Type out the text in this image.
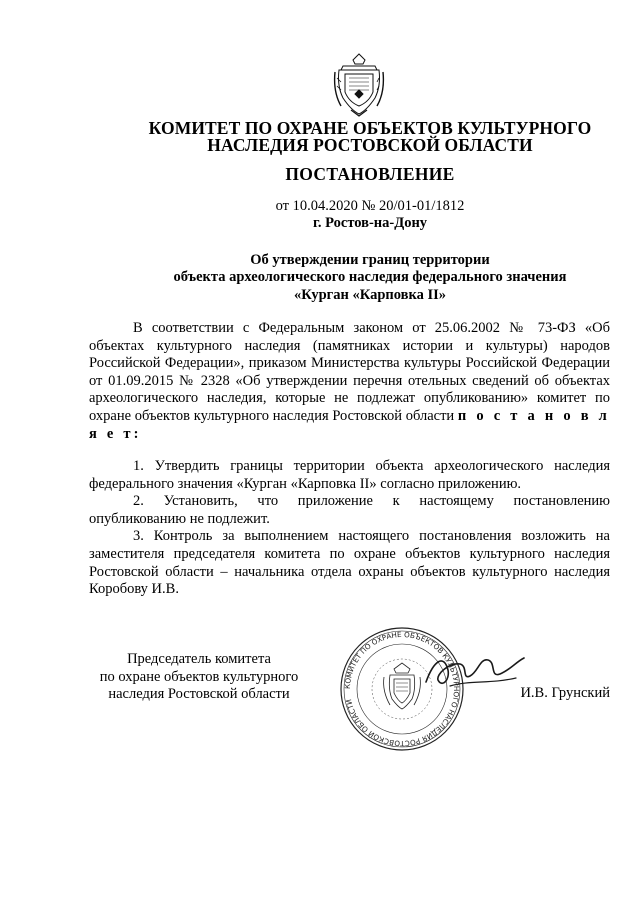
КОМИТЕТ ПО ОХРАНЕ ОБЪЕКТОВ КУЛЬТУРНОГО
НАСЛЕДИЯ РОСТОВСКОЙ ОБЛАСТИ
ПОСТАНОВЛЕНИЕ
от 10.04.2020 № 20/01-01/1812
г. Ростов-на-Дону
Об утверждении границ территории
объекта археологического наследия федерального значения
«Курган «Карповка II»

В соответствии с Федеральным законом от 25.06.2002 № 73-ФЗ «Об объектах культурного наследия (памятниках истории и культуры) народов Российской Федерации», приказом Министерства культуры Российской Федерации от 01.09.2015 № 2328 «Об утверждении перечня отельных сведений об объектах археологического наследия, которые не подлежат опубликованию» комитет по охране объектов культурного наследия Ростовской области п о с т а н о в л я е т:

1. Утвердить границы территории объекта археологического наследия федерального значения «Курган «Карповка II» согласно приложению.

2. Установить, что приложение к настоящему постановлению опубликованию не подлежит.

3. Контроль за выполнением настоящего постановления возложить на заместителя председателя комитета по охране объектов культурного наследия Ростовской области – начальника отдела охраны объектов культурного наследия Коробову И.В.

Председатель комитета
по охране объектов культурного
наследия Ростовской области	КОМИТЕТ ПО ОХРАНЕ ОБЪЕКТОВ КУЛЬТУРНОГО НАСЛЕДИЯ РОСТОВСКОЙ ОБЛАСТИ
И.В. Грунский
